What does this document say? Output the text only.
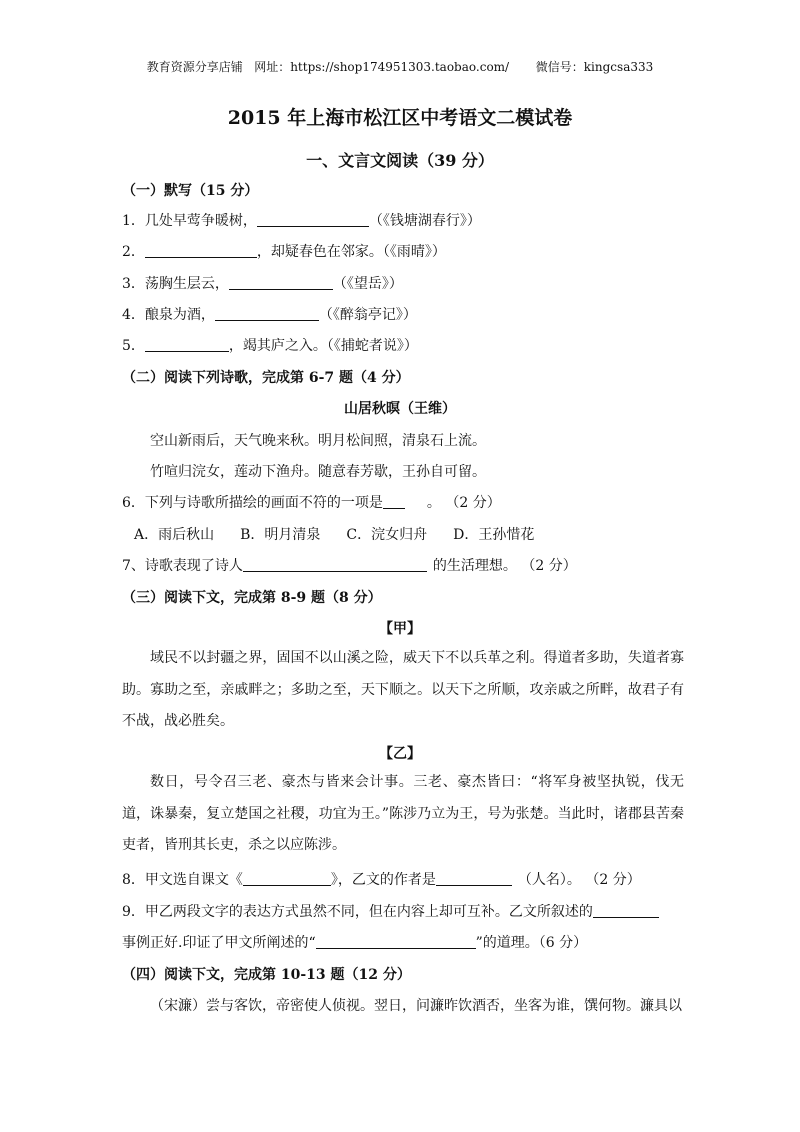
教育资源分享店铺   网址：https://shop174951303.taobao.com/       微信号：kingcsa333
2015 年上海市松江区中考语文二模试卷
一、文言文阅读（39 分）
（一）默写（15 分）
1．几处早莺争暖树，	（《钱塘湖春行》）
2．	，却疑春色在邻家。（《雨晴》）
3．荡胸生层云，	（《望岳》）
4．酿泉为酒，	（《醉翁亭记》）
5．	，竭其庐之入。（《捕蛇者说》）
（二）阅读下列诗歌，完成第 6-7 题（4 分）
山居秋暝（王维）
空山新雨后，天气晚来秋。明月松间照，清泉石上流。
竹喧归浣女，莲动下渔舟。随意春芳歇，王孙自可留。
6．下列与诗歌所描绘的画面不符的一项是	。 （2 分）
A．雨后秋山 B．明月清泉 C．浣女归舟 D．王孙惜花
7、诗歌表现了诗人	的生活理想。 （2 分）
（三）阅读下文，完成第 8-9 题（8 分）
【甲】
域民不以封疆之界，固国不以山溪之险，威天下不以兵革之利。得道者多助，失道者寡助。寡助之至，亲戚畔之；多助之至，天下顺之。以天下之所顺，攻亲戚之所畔，故君子有不战，战必胜矣。
【乙】
数日，号令召三老、豪杰与皆来会计事。三老、豪杰皆曰：“将军身被坚执锐，伐无道，诛暴秦，复立楚国之社稷，功宜为王。”陈涉乃立为王，号为张楚。当此时，诸郡县苦秦吏者，皆刑其长吏，杀之以应陈涉。
8．甲文选自课文《	》，乙文的作者是	（人名）。 （2 分）
9．甲乙两段文字的表达方式虽然不同，但在内容上却可互补。乙文所叙述的
事例正好.印证了甲文所阐述的“	”的道理。（6 分）
（四）阅读下文，完成第 10-13 题（12 分）
（宋濂）尝与客饮，帝密使人侦视。翌日，问濂昨饮酒否，坐客为谁，馔何物。濂具以
